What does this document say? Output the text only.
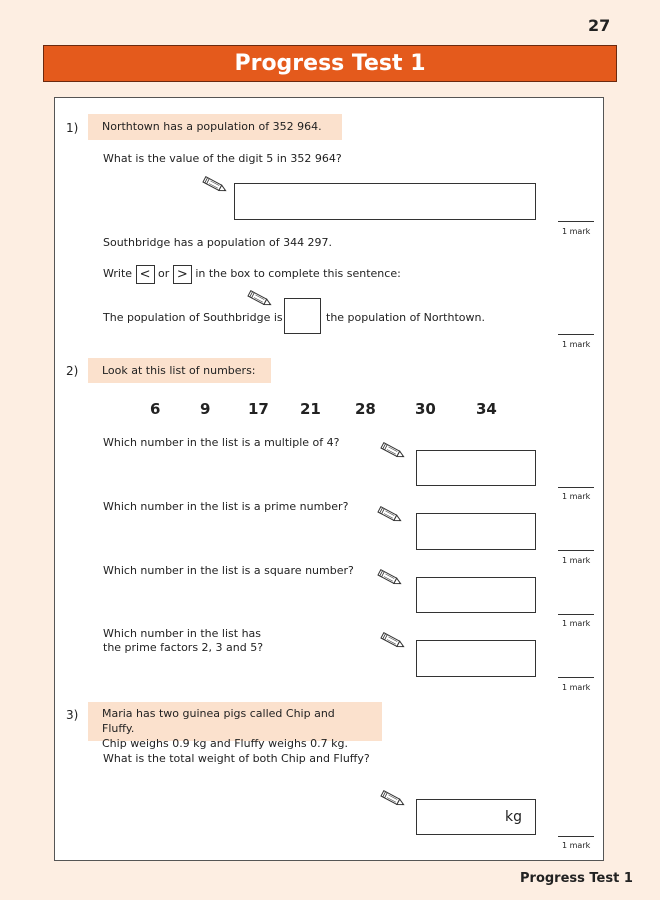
27
Progress Test 1
1)	Northtown has a population of 352 964.
What is the value of the digit 5 in 352 964?
1 mark
Southbridge has a population of 344 297.
Write < or > in the box to complete this sentence:
The population of Southbridge is	the population of Northtown.
1 mark
2)	Look at this list of numbers:
6	9	17 21 28	30	34
Which number in the list is a multiple of 4?
1 mark
Which number in the list is a prime number?
1 mark
Which number in the list is a square number?
1 mark
Which number in the list has
the prime factors 2, 3 and 5?
1 mark
3) Maria has two guinea pigs called Chip and Fluffy.
Chip weighs 0.9 kg and Fluffy weighs 0.7 kg.
What is the total weight of both Chip and Fluffy?
kg
1 mark
Progress Test 1
